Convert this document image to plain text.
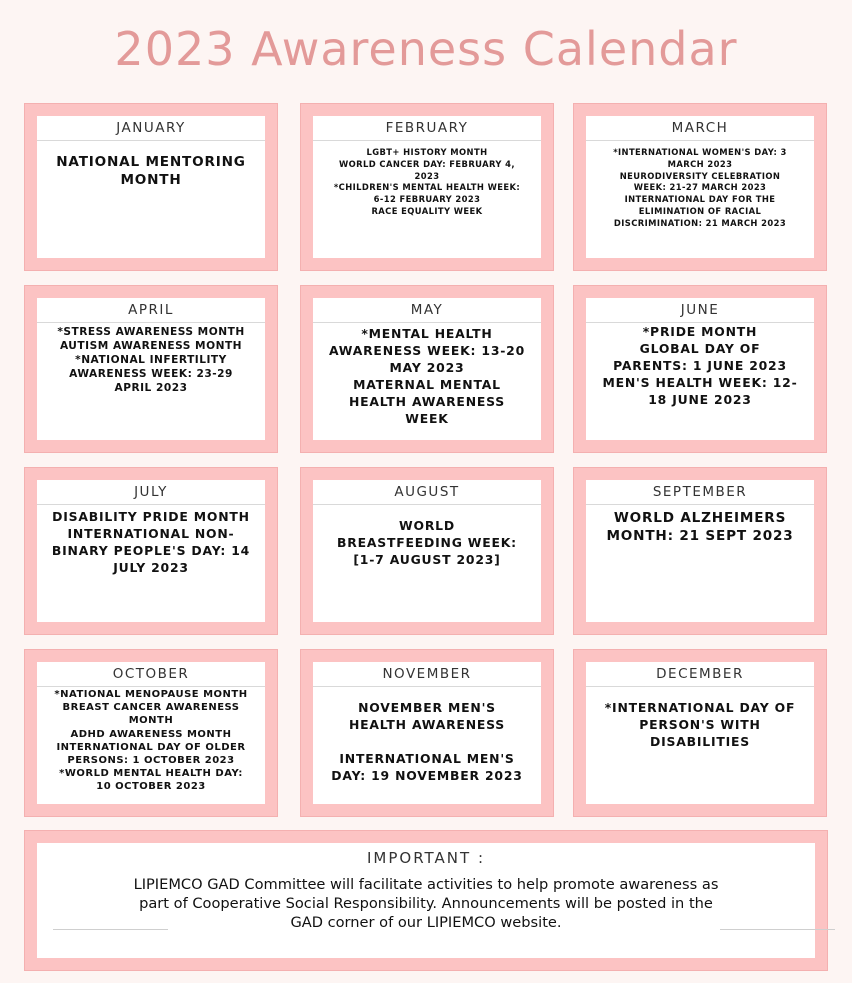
2023 Awareness Calendar
JANUARY
NATIONAL MENTORING
MONTH
FEBRUARY
LGBT+ HISTORY MONTH
WORLD CANCER DAY: FEBRUARY 4,
2023
*CHILDREN'S MENTAL HEALTH WEEK:
6-12 FEBRUARY 2023
RACE EQUALITY WEEK
MARCH
*INTERNATIONAL WOMEN'S DAY: 3
MARCH 2023
NEURODIVERSITY CELEBRATION
WEEK: 21-27 MARCH 2023
INTERNATIONAL DAY FOR THE
ELIMINATION OF RACIAL
DISCRIMINATION: 21 MARCH 2023
APRIL
*STRESS AWARENESS MONTH
AUTISM AWARENESS MONTH
*NATIONAL INFERTILITY
AWARENESS WEEK: 23-29
APRIL 2023
MAY
*MENTAL HEALTH
AWARENESS WEEK: 13-20
MAY 2023
MATERNAL MENTAL
HEALTH AWARENESS
WEEK
JUNE
*PRIDE MONTH
GLOBAL DAY OF
PARENTS: 1 JUNE 2023
MEN'S HEALTH WEEK: 12-
18 JUNE 2023
JULY
DISABILITY PRIDE MONTH
INTERNATIONAL NON-
BINARY PEOPLE'S DAY: 14
JULY 2023
AUGUST
WORLD
BREASTFEEDING WEEK:
[1-7 AUGUST 2023]
SEPTEMBER
WORLD ALZHEIMERS
MONTH: 21 SEPT 2023
OCTOBER
*NATIONAL MENOPAUSE MONTH
BREAST CANCER AWARENESS
MONTH
ADHD AWARENESS MONTH
INTERNATIONAL DAY OF OLDER
PERSONS: 1 OCTOBER 2023
*WORLD MENTAL HEALTH DAY:
10 OCTOBER 2023
NOVEMBER
NOVEMBER MEN'S
HEALTH AWARENESS

INTERNATIONAL MEN'S
DAY: 19 NOVEMBER 2023
DECEMBER
*INTERNATIONAL DAY OF
PERSON'S WITH
DISABILITIES
IMPORTANT :
LIPIEMCO GAD Committee will facilitate activities to help promote awareness as part of Cooperative Social Responsibility. Announcements will be posted in the GAD corner of our LIPIEMCO website.
